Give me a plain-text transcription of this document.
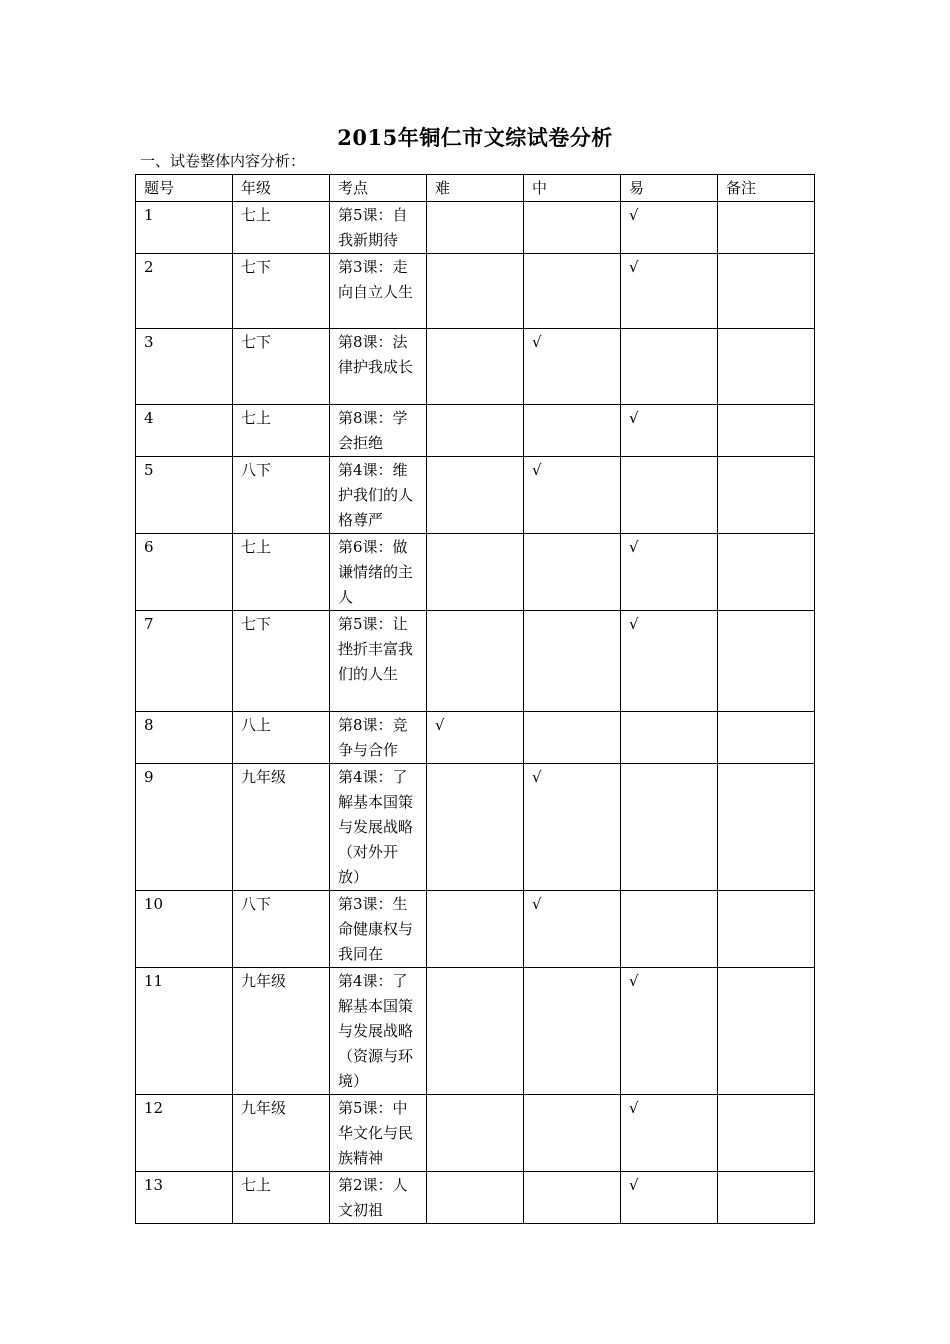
2015年铜仁市文综试卷分析
一、试卷整体内容分析：
题号	年级	考点	难	中	易	备注
1	七上	第5课：自我新期待			√	
2	七下	第3课：走向自立人生			√	
3	七下	第8课：法律护我成长		√		
4	七上	第8课：学会拒绝			√	
5	八下	第4课：维护我们的人格尊严		√		
6	七上	第6课：做谦情绪的主人			√	
7	七下	第5课：让挫折丰富我们的人生			√	
8	八上	第8课：竞争与合作	√			
9	九年级	第4课：了解基本国策与发展战略（对外开放）		√		
10	八下	第3课：生命健康权与我同在		√		
11	九年级	第4课：了解基本国策与发展战略（资源与环境）			√	
12	九年级	第5课：中华文化与民族精神			√	
13	七上	第2课：人文初祖			√	
